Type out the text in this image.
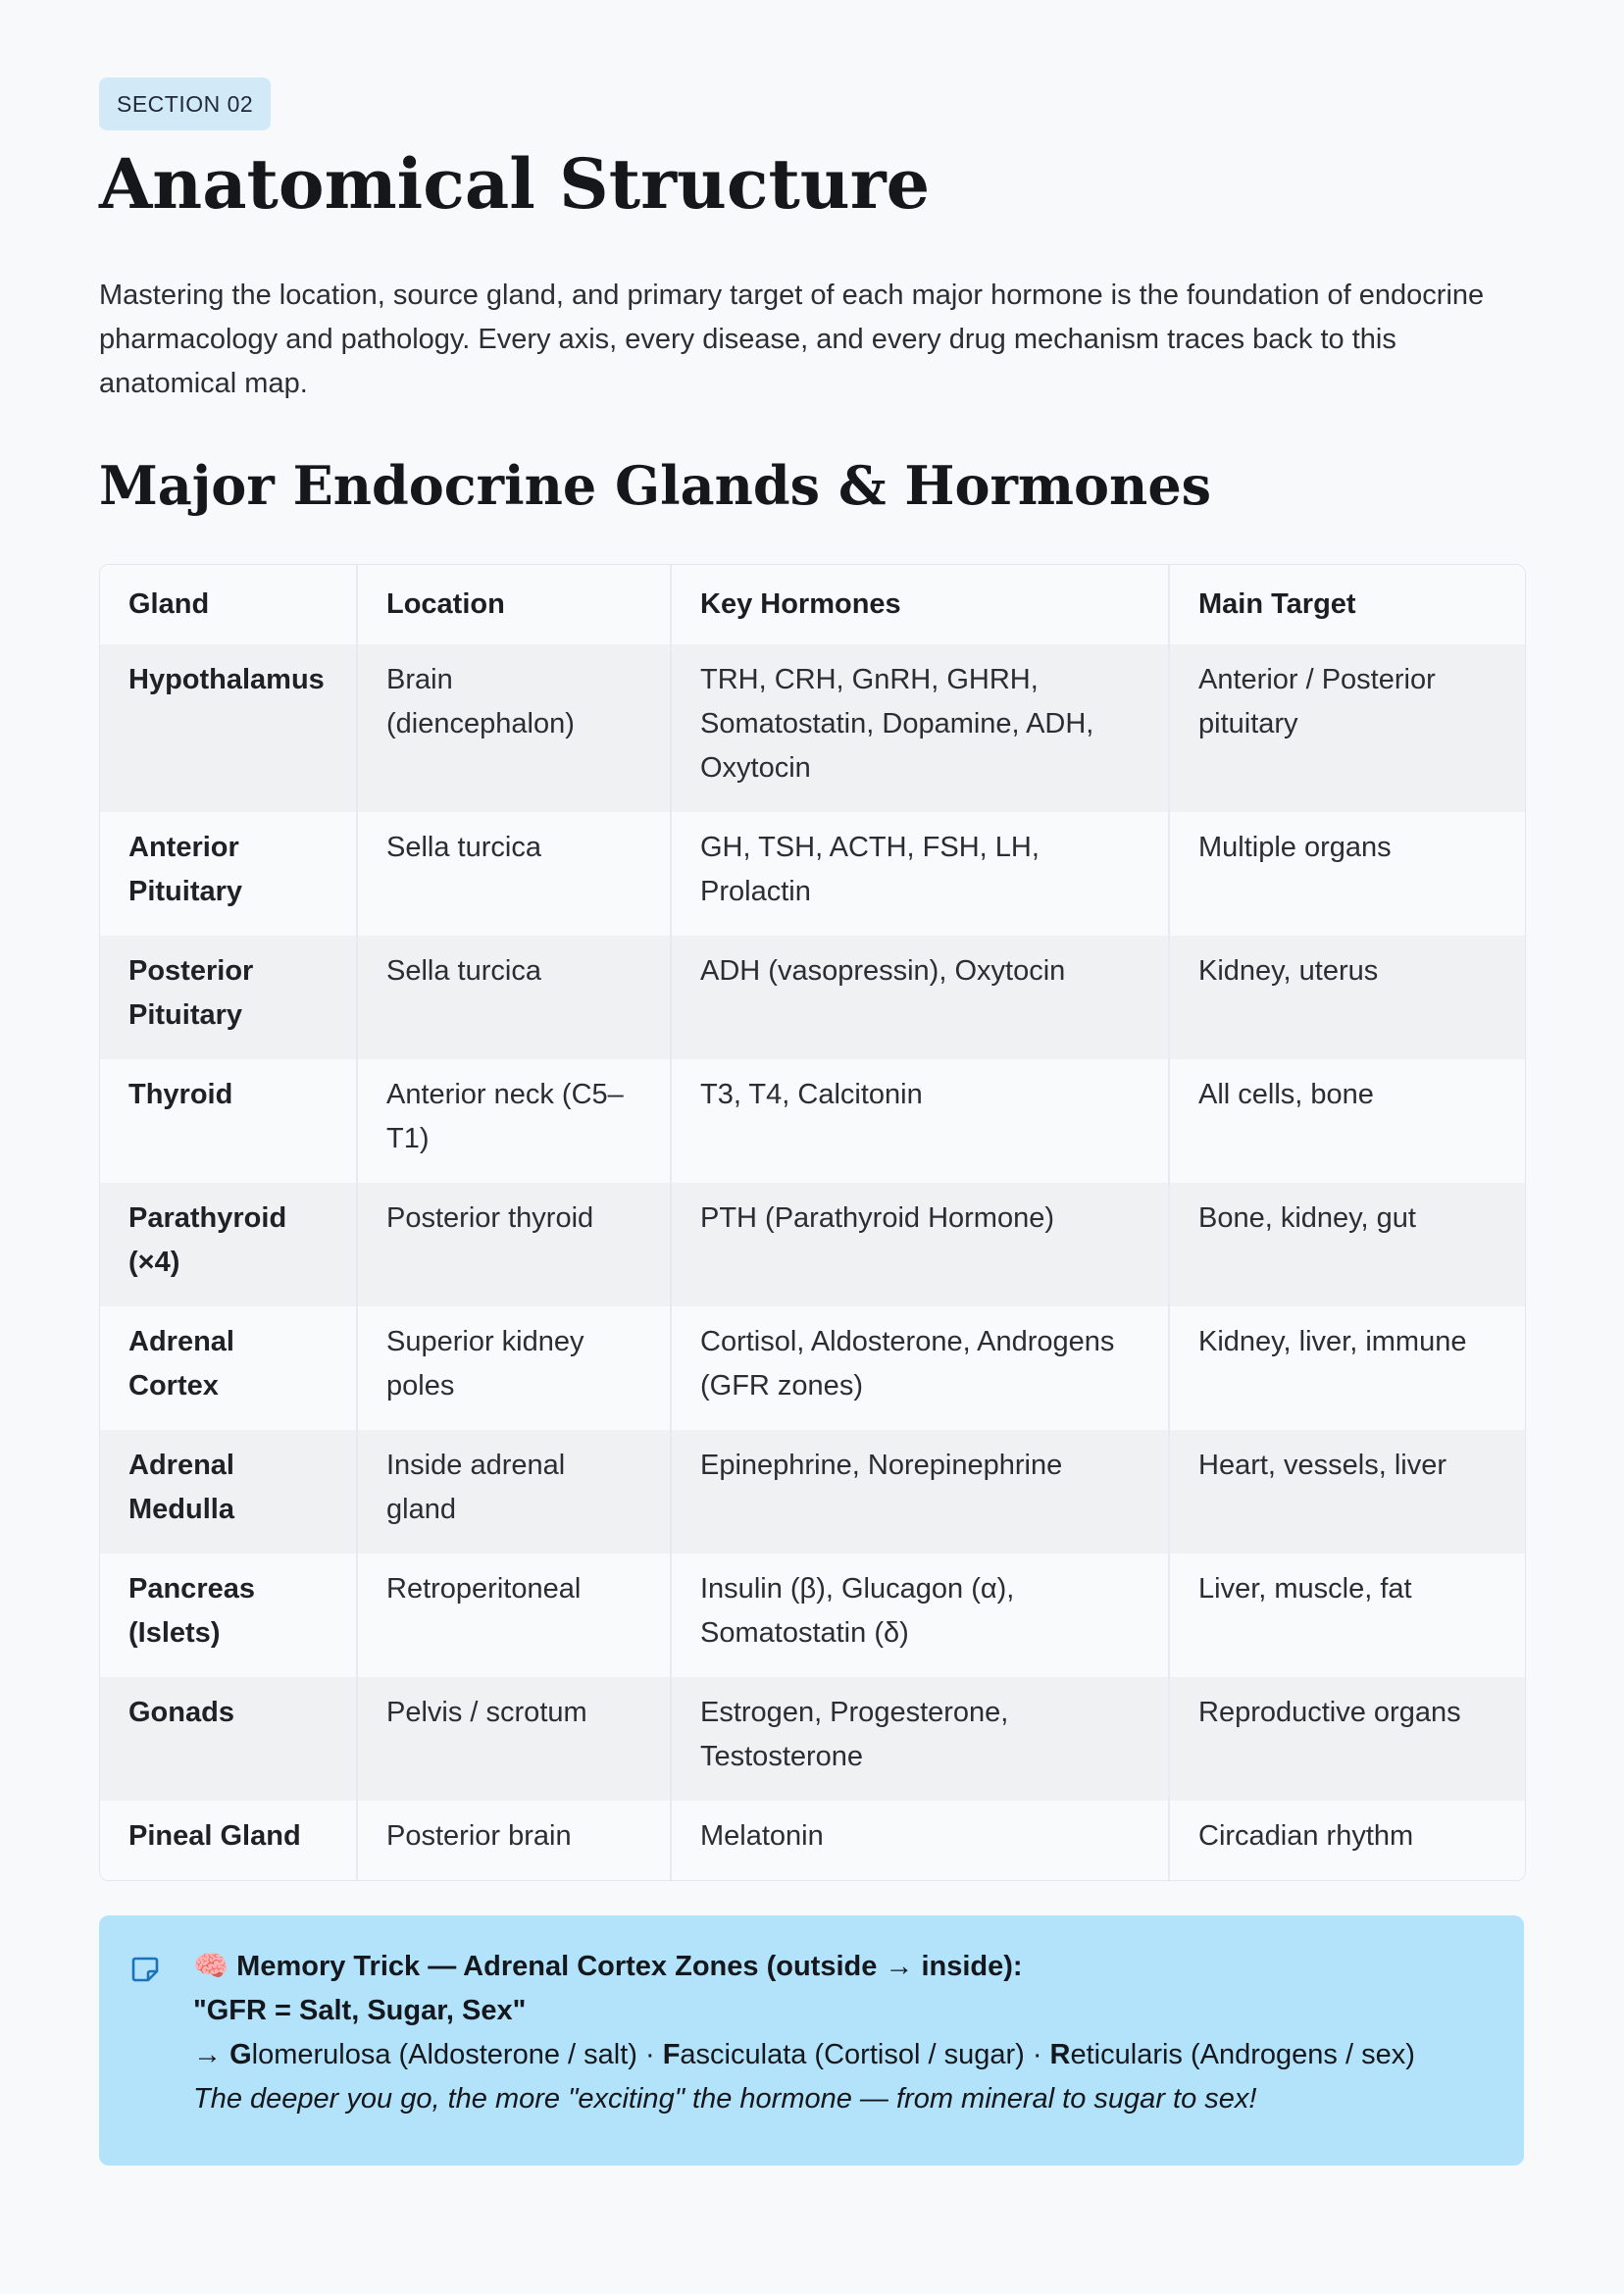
SECTION 02
Anatomical Structure

Mastering the location, source gland, and primary target of each major hormone is the foundation of endocrine pharmacology and pathology. Every axis, every disease, and every drug mechanism traces back to this anatomical map.

Major Endocrine Glands & Hormones
Gland	Location	Key Hormones	Main Target
Hypothalamus	Brain (diencephalon)	TRH, CRH, GnRH, GHRH, Somatostatin, Dopamine, ADH, Oxytocin	Anterior / Posterior pituitary
Anterior Pituitary	Sella turcica	GH, TSH, ACTH, FSH, LH, Prolactin	Multiple organs
Posterior Pituitary	Sella turcica	ADH (vasopressin), Oxytocin	Kidney, uterus
Thyroid	Anterior neck (C5–T1)	T3, T4, Calcitonin	All cells, bone
Parathyroid (×4)	Posterior thyroid	PTH (Parathyroid Hormone)	Bone, kidney, gut
Adrenal Cortex	Superior kidney poles	Cortisol, Aldosterone, Androgens (GFR zones)	Kidney, liver, immune
Adrenal Medulla	Inside adrenal gland	Epinephrine, Norepinephrine	Heart, vessels, liver
Pancreas (Islets)	Retroperitoneal	Insulin (β), Glucagon (α), Somatostatin (δ)	Liver, muscle, fat
Gonads	Pelvis / scrotum	Estrogen, Progesterone, Testosterone	Reproductive organs
Pineal Gland	Posterior brain	Melatonin	Circadian rhythm
🧠 Memory Trick — Adrenal Cortex Zones (outside → inside):
"GFR = Salt, Sugar, Sex"
→ Glomerulosa (Aldosterone / salt) · Fasciculata (Cortisol / sugar) · Reticularis (Androgens / sex)
The deeper you go, the more "exciting" the hormone — from mineral to sugar to sex!
